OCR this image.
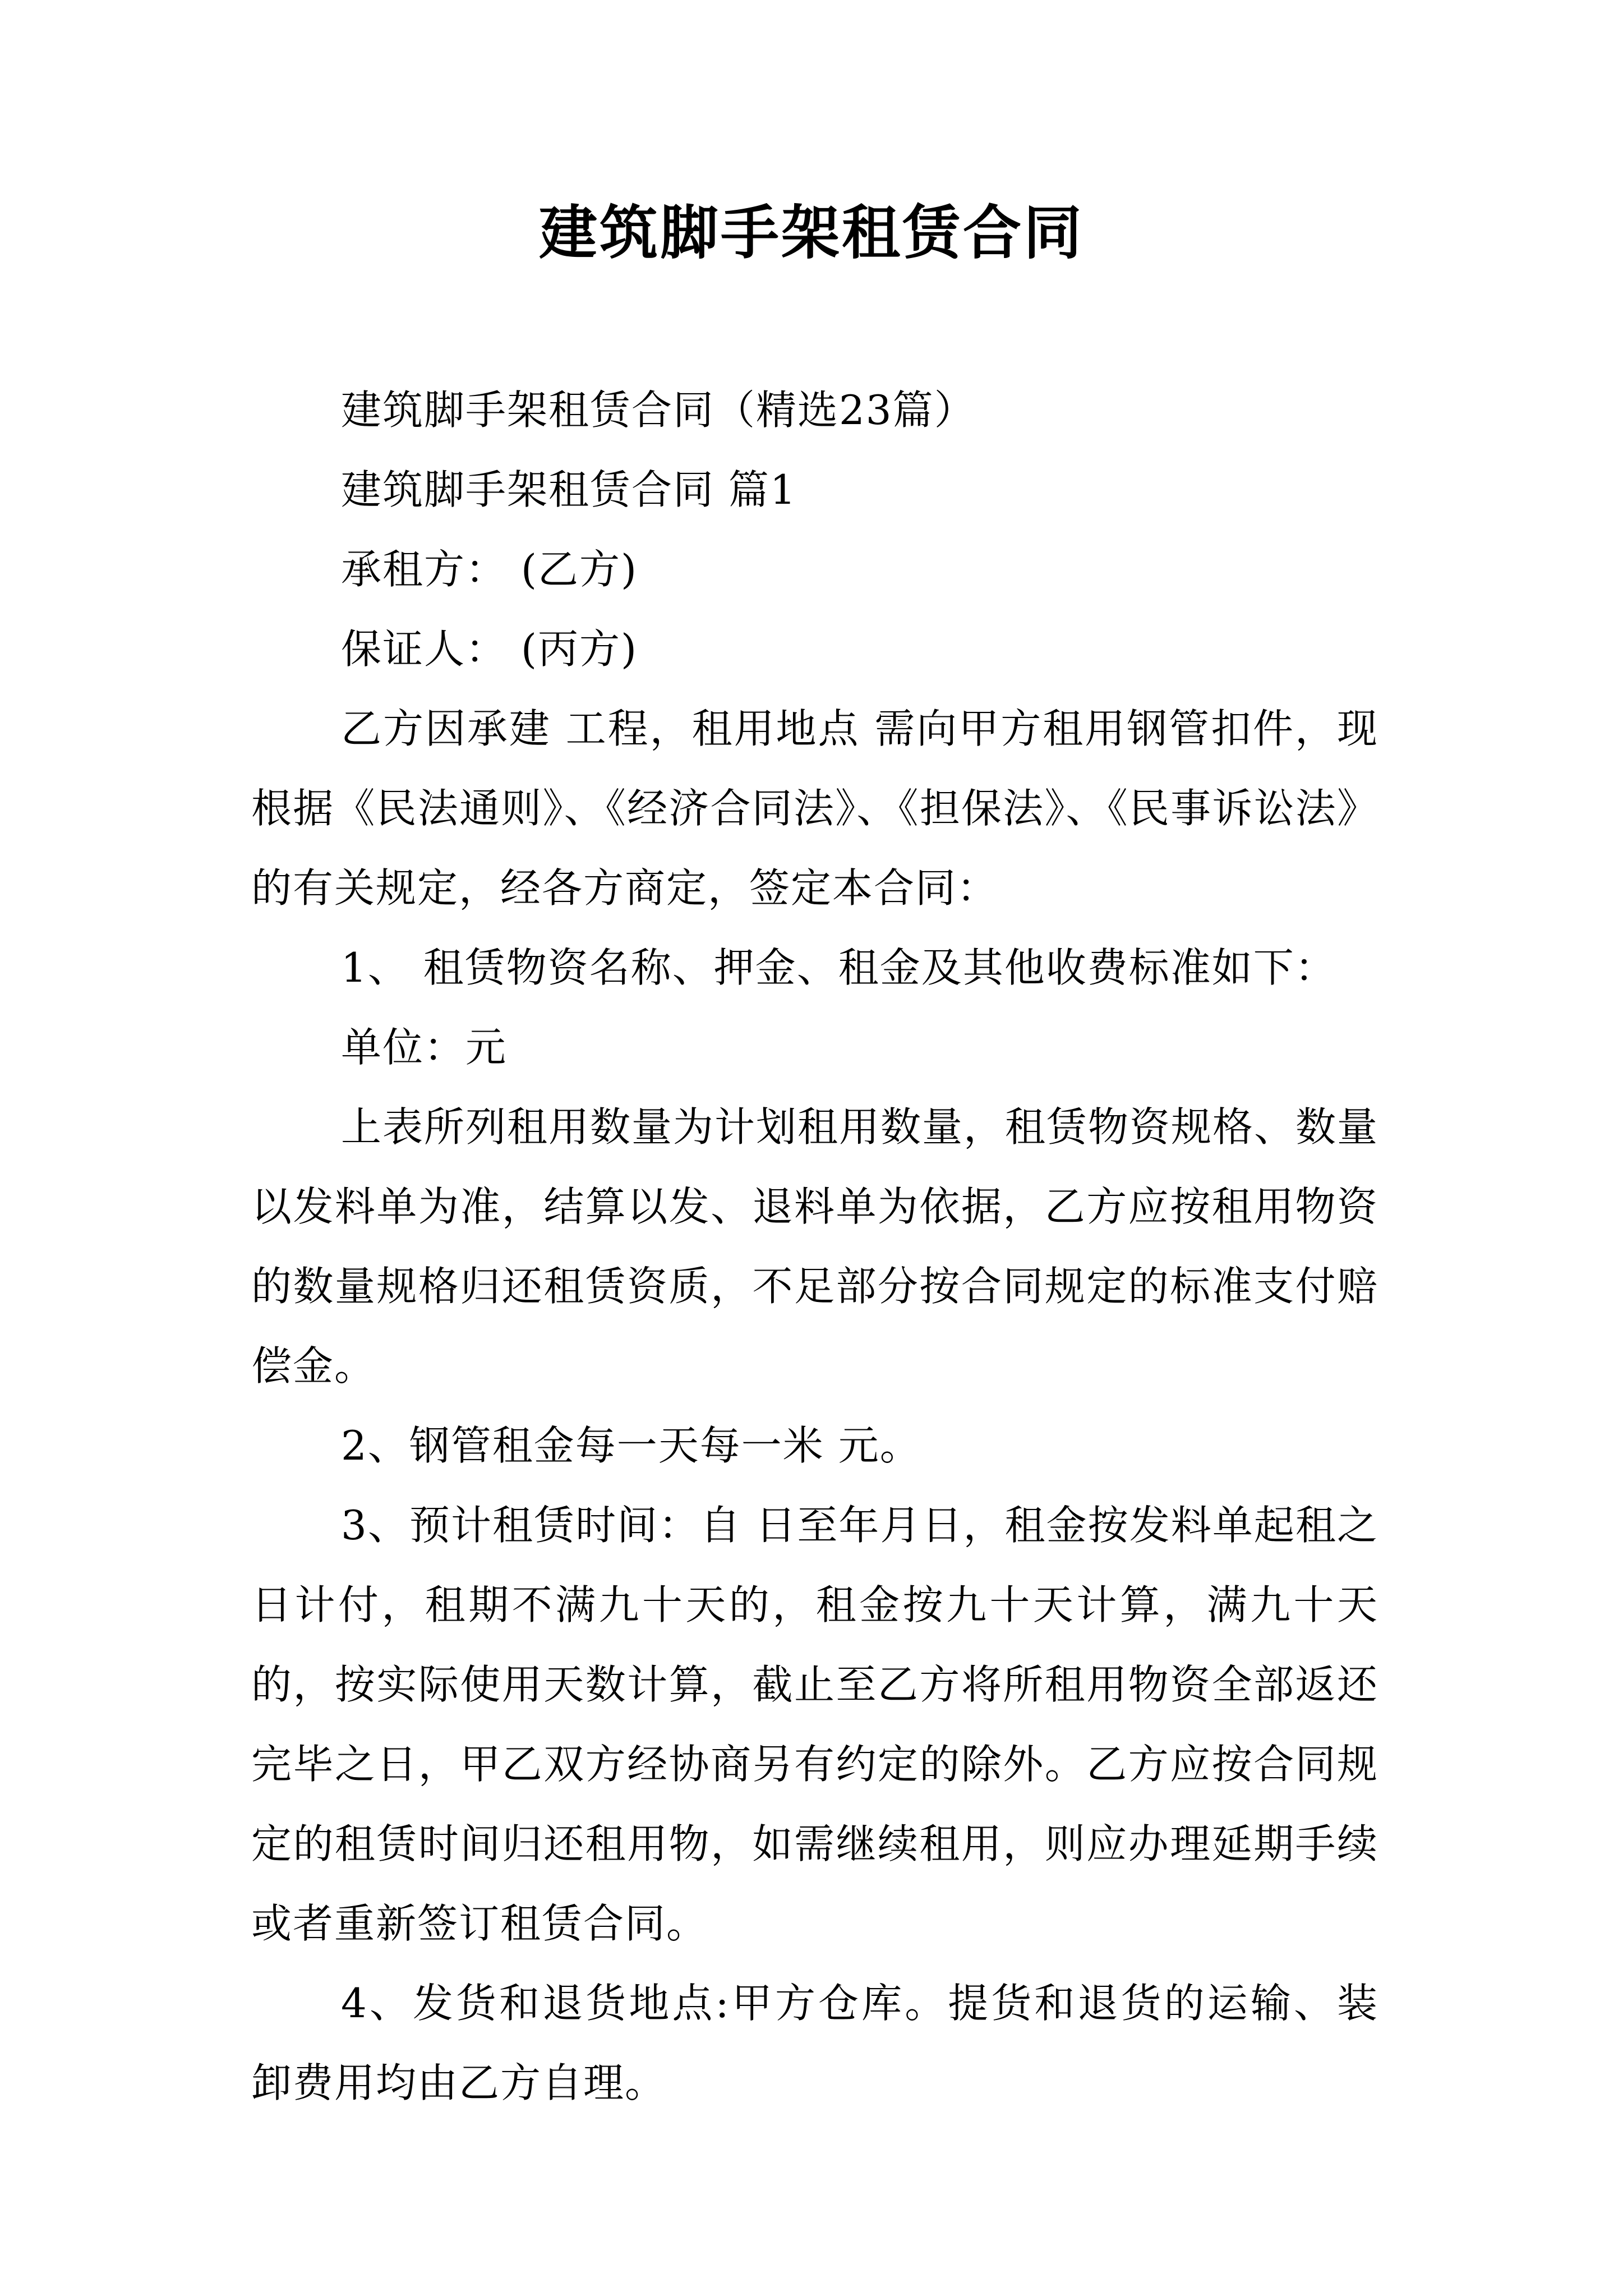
建筑脚手架租赁合同

建筑脚手架租赁合同（精选23篇）

建筑脚手架租赁合同 篇1

承租方： (乙方)

保证人： (丙方)

乙方因承建 工程，租用地点 需向甲方租用钢管扣件，现根据《民法通则》、《经济合同法》、《担保法》、《民事诉讼法》的有关规定，经各方商定，签定本合同：

1、 租赁物资名称、押金、租金及其他收费标准如下：

单位：元

上表所列租用数量为计划租用数量，租赁物资规格、数量以发料单为准，结算以发、退料单为依据，乙方应按租用物资的数量规格归还租赁资质，不足部分按合同规定的标准支付赔偿金。

2、钢管租金每一天每一米 元。

3、预计租赁时间：自 日至年月日，租金按发料单起租之日计付，租期不满九十天的，租金按九十天计算，满九十天的，按实际使用天数计算，截止至乙方将所租用物资全部返还完毕之日，甲乙双方经协商另有约定的除外。乙方应按合同规定的租赁时间归还租用物，如需继续租用，则应办理延期手续或者重新签订租赁合同。

4、发货和退货地点:甲方仓库。提货和退货的运输、装卸费用均由乙方自理。
